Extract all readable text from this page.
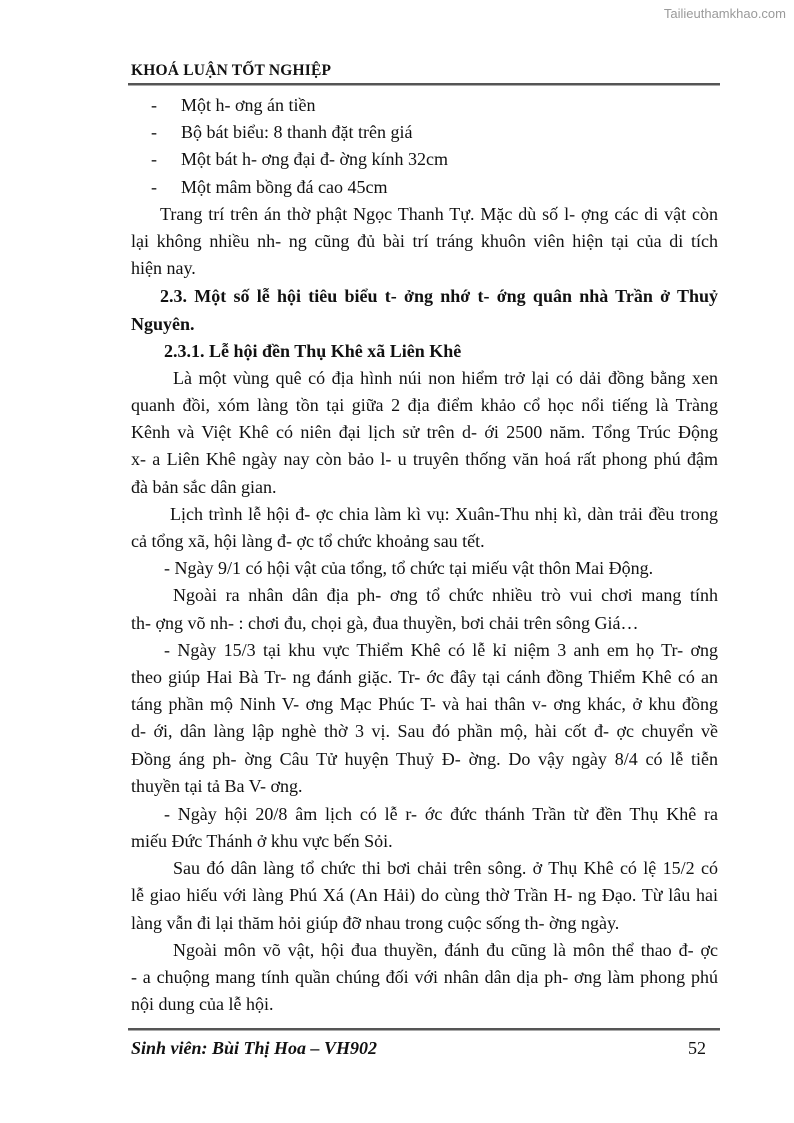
Tailieuthamkhao.com
KHOÁ LUẬN TỐT NGHIỆP
- Một h- ơng án tiền
- Bộ bát biểu: 8 thanh đặt trên giá
- Một bát h- ơng đại đ- ờng kính 32cm
- Một mâm bồng đá cao 45cm
Trang trí trên án thờ phật Ngọc Thanh Tự. Mặc dù số l- ợng các di vật còn
lại không nhiều nh- ng cũng đủ bài trí tráng khuôn viên hiện tại của di tích
hiện nay.
2.3. Một số lễ hội tiêu biểu t- ởng nhớ t- ớng quân nhà Trần ở Thuỷ
Nguyên.
2.3.1. Lễ hội đền Thụ Khê xã Liên Khê
Là một vùng quê có địa hình núi non hiểm trở lại có dải đồng bằng xen
quanh đồi, xóm làng tồn tại giữa 2 địa điểm khảo cổ học nổi tiếng là Tràng
Kênh và Việt Khê có niên đại lịch sử trên d- ới 2500 năm. Tổng Trúc Động
x- a Liên Khê ngày nay còn bảo l- u truyên thống văn hoá rất phong phú đậm
đà bản sắc dân gian.
Lịch trình lễ hội đ- ợc chia làm kì vụ: Xuân-Thu nhị kì, dàn trải đều trong
cả tổng xã, hội làng đ- ợc tổ chức khoảng sau tết.
- Ngày 9/1 có hội vật của tổng, tổ chức tại miếu vật thôn Mai Động.
Ngoài ra nhân dân địa ph- ơng tổ chức nhiều trò vui chơi mang tính
th- ợng võ nh- : chơi đu, chọi gà, đua thuyền, bơi chải trên sông Giá…
- Ngày 15/3 tại khu vực Thiểm Khê có lễ kỉ niệm 3 anh em họ Tr- ơng
theo giúp Hai Bà Tr- ng đánh giặc. Tr- ớc đây tại cánh đồng Thiểm Khê có an
táng phần mộ Ninh V- ơng Mạc Phúc T- và hai thân v- ơng khác, ở khu đồng
d- ới, dân làng lập nghè thờ 3 vị. Sau đó phần mộ, hài cốt đ- ợc chuyển về
Đồng áng ph- ờng Câu Tử huyện Thuỷ Đ- ờng. Do vậy ngày 8/4 có lễ tiễn
thuyền tại tả Ba V- ơng.
- Ngày hội 20/8 âm lịch có lễ r- ớc đức thánh Trần từ đền Thụ Khê ra
miếu Đức Thánh ở khu vực bến Sỏi.
Sau đó dân làng tổ chức thi bơi chải trên sông. ở Thụ Khê có lệ 15/2 có
lễ giao hiếu với làng Phú Xá (An Hải) do cùng thờ Trần H- ng Đạo. Từ lâu hai
làng vẫn đi lại thăm hỏi giúp đỡ nhau trong cuộc sống th- ờng ngày.
Ngoài môn võ vật, hội đua thuyền, đánh đu cũng là môn thể thao đ- ợc
- a chuộng mang tính quần chúng đối với nhân dân dịa ph- ơng làm phong phú
nội dung của lễ hội.
Sinh viên: Bùi Thị Hoa – VH902	52
